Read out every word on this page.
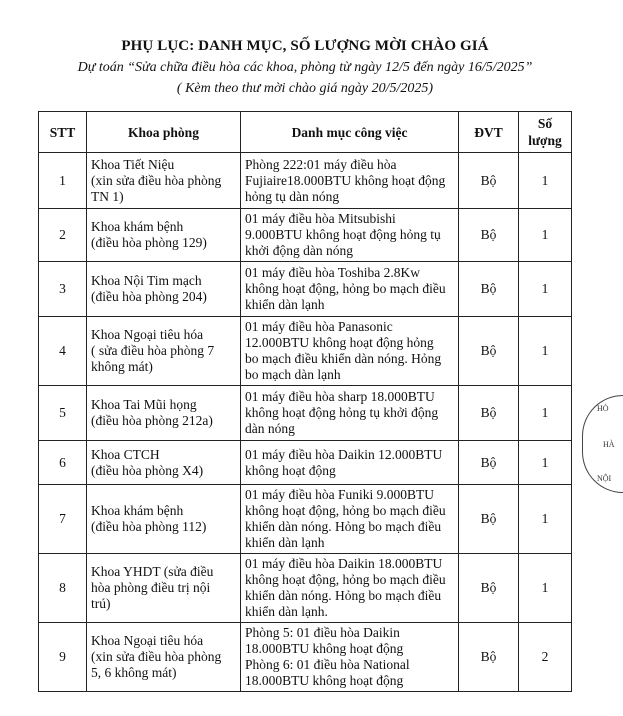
PHỤ LỤC: DANH MỤC, SỐ LƯỢNG MỜI CHÀO GIÁ
Dự toán “Sửa chữa điều hòa các khoa, phòng từ ngày 12/5 đến ngày 16/5/2025”
( Kèm theo thư mời chào giá ngày 20/5/2025)
STT	Khoa phòng	Danh mục công việc	ĐVT	Số
lượng
1	Khoa Tiết Niệu
(xin sửa điều hòa phòng
TN 1)	Phòng 222:01 máy điều hòa
Fujiaire18.000BTU không hoạt động
hỏng tụ dàn nóng	Bộ	1
2	Khoa khám bệnh
(điều hòa phòng 129)	01 máy điều hòa Mitsubishi
9.000BTU không hoạt động hỏng tụ
khởi động dàn nóng	Bộ	1
3	Khoa Nội Tim mạch
(điều hòa phòng 204)	01 máy điều hòa Toshiba 2.8Kw
không hoạt động, hỏng bo mạch điều
khiển dàn lạnh	Bộ	1
4	Khoa Ngoại tiêu hóa
( sửa điều hòa phòng 7
không mát)	01 máy điều hòa Panasonic
12.000BTU không hoạt động hỏng
bo mạch điều khiển dàn nóng. Hỏng
bo mạch dàn lạnh	Bộ	1
5	Khoa Tai Mũi họng
(điều hòa phòng 212a)	01 máy điều hòa sharp 18.000BTU
không hoạt động hỏng tụ khởi động
dàn nóng	Bộ	1
6	Khoa CTCH
(điều hòa phòng X4)	01 máy điều hòa Daikin 12.000BTU
không hoạt động	Bộ	1
7	Khoa khám bệnh
(điều hòa phòng 112)	01 máy điều hòa Funiki 9.000BTU
không hoạt động, hỏng bo mạch điều
khiển dàn nóng. Hỏng bo mạch điều
khiển dàn lạnh	Bộ	1
8	Khoa YHDT (sửa điều
hòa phòng điều trị nội
trú)	01 máy điều hòa Daikin 18.000BTU
không hoạt động, hỏng bo mạch điều
khiển dàn nóng. Hỏng bo mạch điều
khiển dàn lạnh.	Bộ	1
9	Khoa Ngoại tiêu hóa
(xin sửa điều hòa phòng
5, 6 không mát)	Phòng 5: 01 điều hòa Daikin
18.000BTU không hoạt động
Phòng 6: 01 điều hòa National
18.000BTU không hoạt động	Bộ	2
HÒ
HÀ
NỘI
